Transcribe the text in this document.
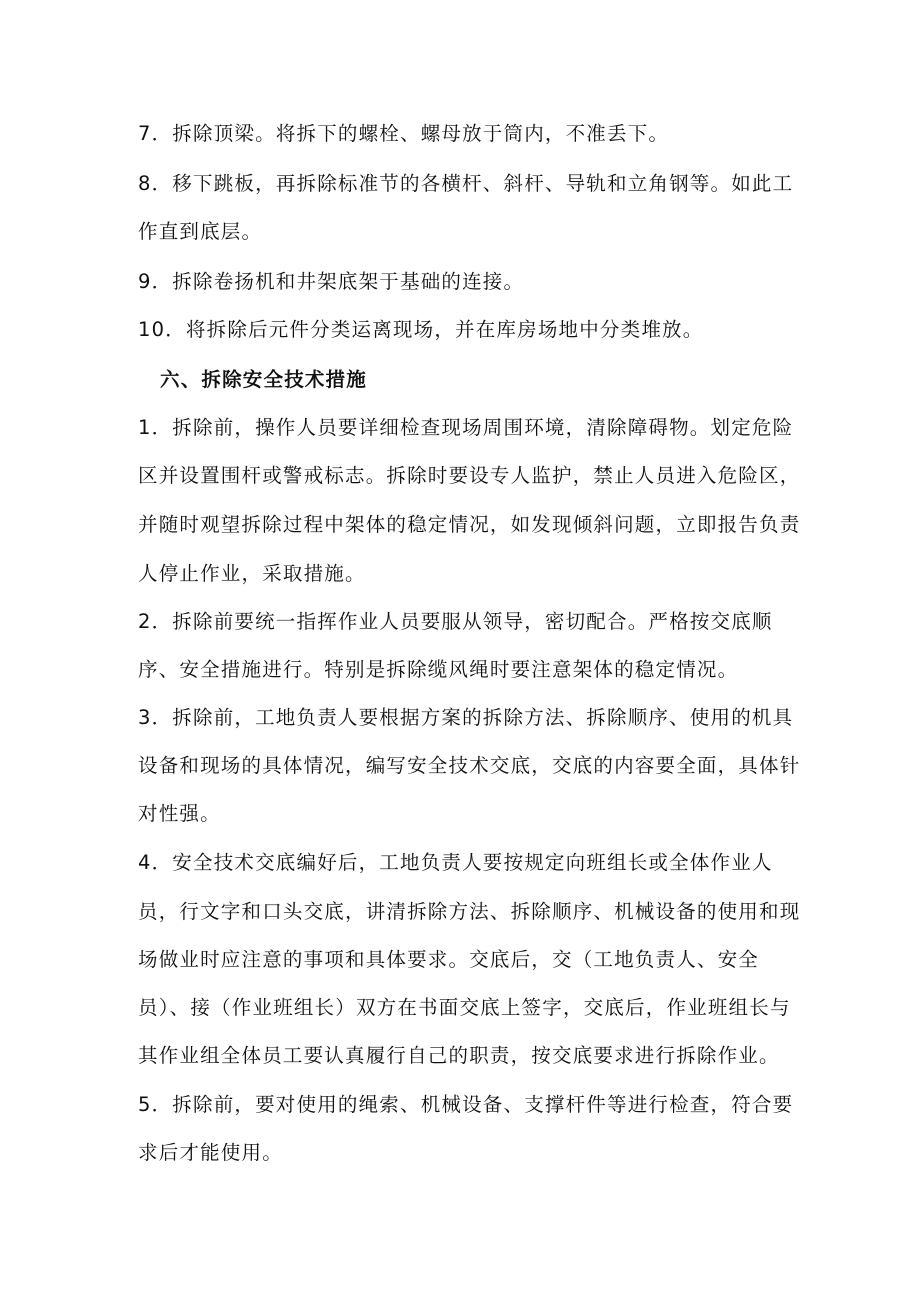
7．拆除顶梁。将拆下的螺栓、螺母放于筒内，不准丢下。
8．移下跳板，再拆除标准节的各横杆、斜杆、导轨和立角钢等。如此工
作直到底层。
9．拆除卷扬机和井架底架于基础的连接。
10．将拆除后元件分类运离现场，并在库房场地中分类堆放。
六、拆除安全技术措施
1．拆除前，操作人员要详细检查现场周围环境，清除障碍物。划定危险
区并设置围杆或警戒标志。拆除时要设专人监护，禁止人员进入危险区，
并随时观望拆除过程中架体的稳定情况，如发现倾斜问题，立即报告负责
人停止作业，采取措施。
2．拆除前要统一指挥作业人员要服从领导，密切配合。严格按交底顺
序、安全措施进行。特别是拆除缆风绳时要注意架体的稳定情况。
3．拆除前，工地负责人要根据方案的拆除方法、拆除顺序、使用的机具
设备和现场的具体情况，编写安全技术交底，交底的内容要全面，具体针
对性强。
4．安全技术交底编好后，工地负责人要按规定向班组长或全体作业人
员，行文字和口头交底，讲清拆除方法、拆除顺序、机械设备的使用和现
场做业时应注意的事项和具体要求。交底后，交（工地负责人、安全
员）、接（作业班组长）双方在书面交底上签字，交底后，作业班组长与
其作业组全体员工要认真履行自己的职责，按交底要求进行拆除作业。
5．拆除前，要对使用的绳索、机械设备、支撑杆件等进行检查，符合要
求后才能使用。
